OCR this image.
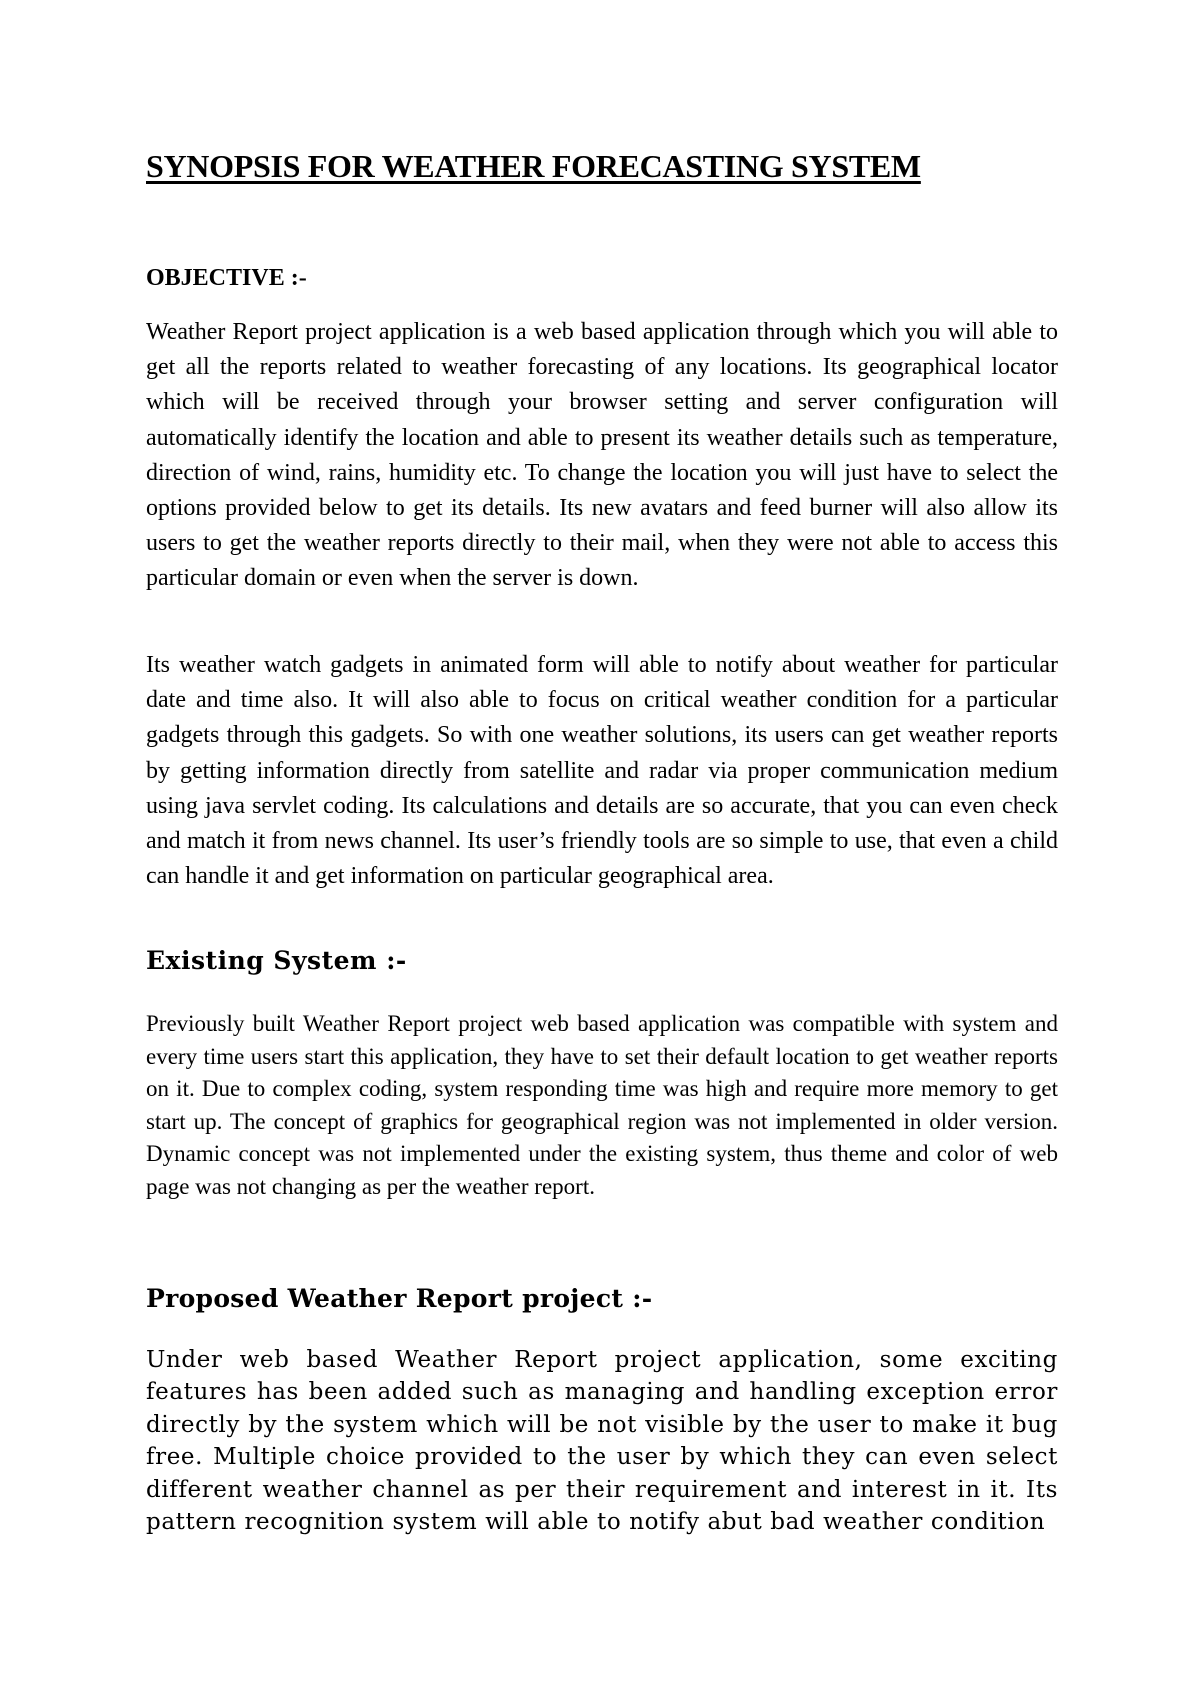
SYNOPSIS FOR WEATHER FORECASTING SYSTEM
OBJECTIVE :-

Weather Report project application is a web based application through which you will able to get all the reports related to weather forecasting of any locations. Its geographical locator which will be received through your browser setting and server configuration will automatically identify the location and able to present its weather details such as temperature, direction of wind, rains, humidity etc. To change the location you will just have to select the options provided below to get its details. Its new avatars and feed burner will also allow its users to get the weather reports directly to their mail, when they were not able to access this particular domain or even when the server is down.

Its weather watch gadgets in animated form will able to notify about weather for particular date and time also. It will also able to focus on critical weather condition for a particular gadgets through this gadgets. So with one weather solutions, its users can get weather reports by getting information directly from satellite and radar via proper communication medium using java servlet coding. Its calculations and details are so accurate, that you can even check and match it from news channel. Its user’s friendly tools are so simple to use, that even a child can handle it and get information on particular geographical area.

Existing System :-

Previously built Weather Report project web based application was compatible with system and every time users start this application, they have to set their default location to get weather reports on it. Due to complex coding, system responding time was high and require more memory to get start up. The concept of graphics for geographical region was not implemented in older version. Dynamic concept was not implemented under the existing system, thus theme and color of web page was not changing as per the weather report.

Proposed Weather Report project :-

Under web based Weather Report project application, some exciting features has been added such as managing and handling exception error directly by the system which will be not visible by the user to make it bug free. Multiple choice provided to the user by which they can even select different weather channel as per their requirement and interest in it. Its pattern recognition system will able to notify abut bad weather condition
